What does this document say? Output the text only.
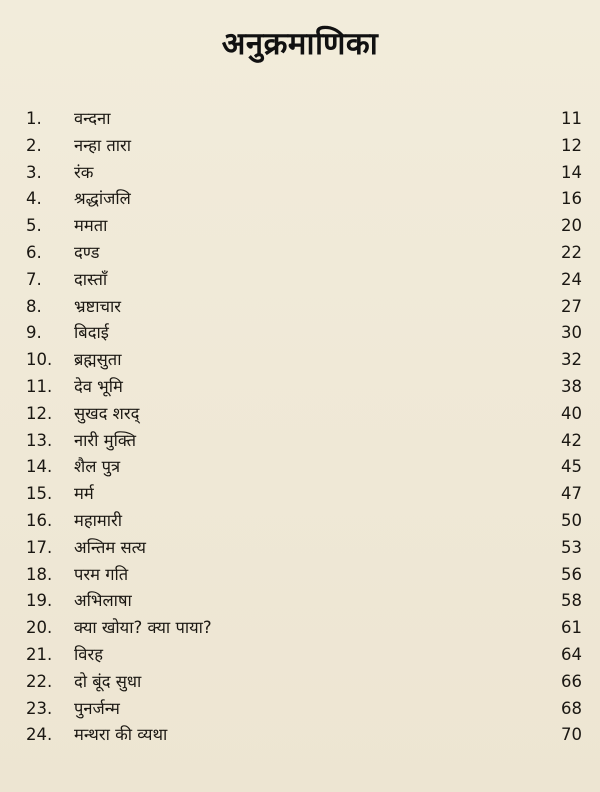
अनुक्रमाणिका
1.	वन्दना	11
2.	नन्हा तारा	12
3.	रंक	14
4.	श्रद्धांजलि	16
5.	ममता	20
6.	दण्ड	22
7.	दास्ताँ	24
8.	भ्रष्टाचार	27
9.	बिदाई	30
10.	ब्रह्मसुता	32
11.	देव भूमि	38
12.	सुखद शरद्	40
13.	नारी मुक्ति	42
14.	शैल पुत्र	45
15.	मर्म	47
16.	महामारी	50
17.	अन्तिम सत्य	53
18.	परम गति	56
19.	अभिलाषा	58
20.	क्या खोया? क्या पाया?	61
21.	विरह	64
22.	दो बूंद सुधा	66
23.	पुनर्जन्म	68
24.	मन्थरा की व्यथा	70
